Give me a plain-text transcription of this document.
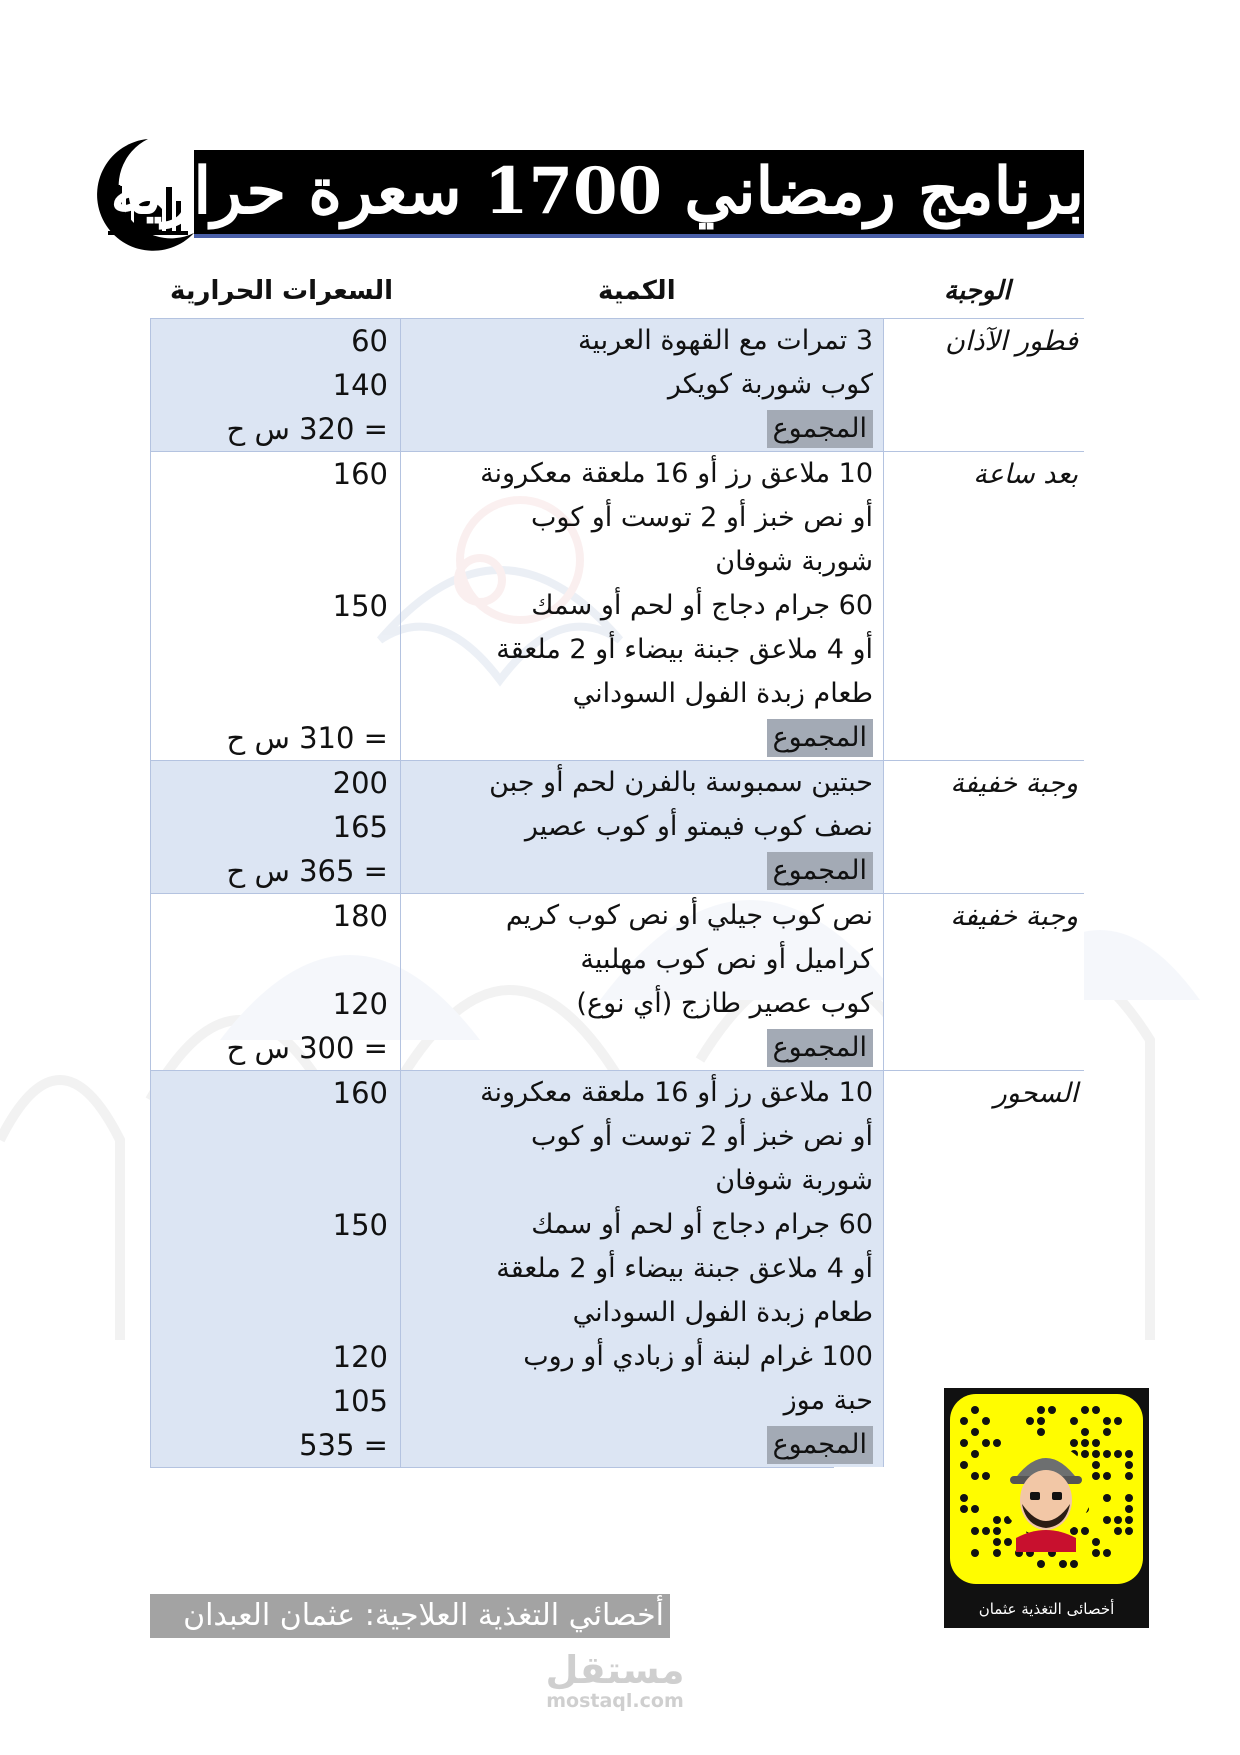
برنامج رمضاني 1700 سعرة حرارية
الوجبة
الكمية
السعرات الحرارية
فطور الآذان
3 تمرات مع القهوة العربية
كوب شوربة كويكر
المجموع
60
140
= 320 س ح
بعد ساعة
10 ملاعق رز أو 16 ملعقة معكرونة
أو نص خبز أو 2 توست أو كوب
شوربة شوفان
60 جرام دجاج أو لحم أو سمك
أو 4 ملاعق جبنة بيضاء أو 2 ملعقة
طعام زبدة الفول السوداني
المجموع
160
150
= 310 س ح
وجبة خفيفة
حبتين سمبوسة بالفرن لحم أو جبن
نصف كوب فيمتو أو كوب عصير
المجموع
200
165
= 365 س ح
وجبة خفيفة
نص كوب جيلي أو نص كوب كريم
كراميل أو نص كوب مهلبية
كوب عصير طازج (أي نوع)
المجموع
180
120
= 300 س ح
السحور
10 ملاعق رز أو 16 ملعقة معكرونة
أو نص خبز أو 2 توست أو كوب
شوربة شوفان
60 جرام دجاج أو لحم أو سمك
أو 4 ملاعق جبنة بيضاء أو 2 ملعقة
طعام زبدة الفول السوداني
100 غرام لبنة أو زبادي أو روب
حبة موز
المجموع
160
150
120
105
= 535
أخصائي التغذية العلاجية: عثمان العبدان	أخصائى التغذية عثمان
مستقل
mostaql.com
